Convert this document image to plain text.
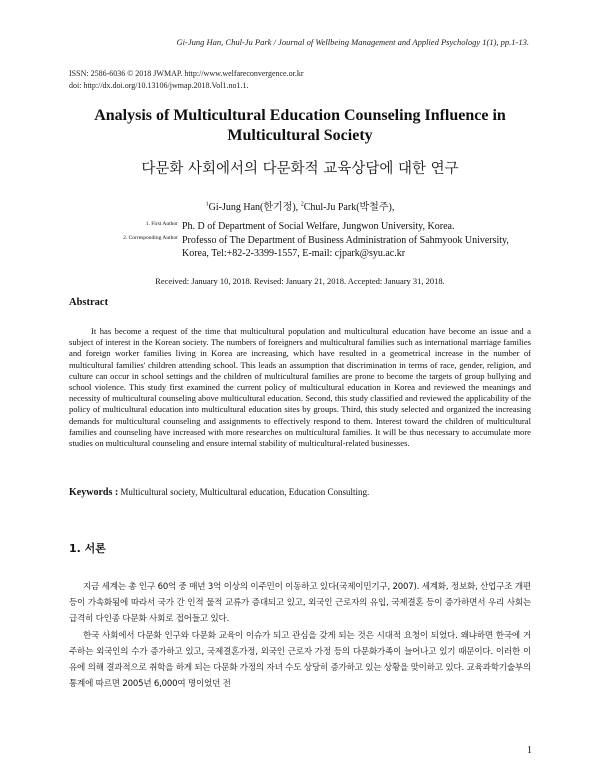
Gi-Jung Han, Chul-Ju Park / Journal of Wellbeing Management and Applied Psychology 1(1), pp.1-13.
ISSN: 2586-6036 © 2018 JWMAP. http://www.welfareconvergence.or.kr
doi: http://dx.doi.org/10.13106/jwmap.2018.Vol1.no1.1.
Analysis of Multicultural Education Counseling Influence in
Multicultural Society
다문화 사회에서의 다문화적 교육상담에 대한 연구
$^1$Gi-Jung Han(한기정), $^2$Chul-Ju Park(박철주),
1. First Author Ph. D of Department of Social Welfare, Jungwon University, Korea.
2. Corresponding Author Professo of The Department of Business Administration of Sahmyook University,
Korea, Tel:+82-2-3399-1557, E-mail: cjpark@syu.ac.kr
Received: January 10, 2018. Revised: January 21, 2018. Accepted: January 31, 2018.
Abstract

It has become a request of the time that multicultural population and multicultural education have become an issue and a subject of interest in the Korean society. The numbers of foreigners and multicultural families such as international marriage families and foreign worker families living in Korea are increasing, which have resulted in a geometrical increase in the number of multicultural families' children attending school. This leads an assumption that discrimination in terms of race, gender, religion, and culture can occur in school settings and the children of multicultural families are prone to become the targets of group bullying and school violence. This study first examined the current policy of multicultural education in Korea and reviewed the meanings and necessity of multicultural counseling above multicultural education. Second, this study classified and reviewed the applicability of the policy of multicultural education into multicultural education sites by groups. Third, this study selected and organized the increasing demands for multicultural counseling and assignments to effectively respond to them. Interest toward the children of multicultural families and counseling have increased with more researches on multicultural families. It will be thus necessary to accumulate more studies on multicultural counseling and ensure internal stability of multicultural-related businesses.

Keywords : Multicultural society, Multicultural education, Education Consulting.
1. 서론

지금 세계는 총 인구 60억 중 매년 3억 이상의 이주민이 이동하고 있다(국제이민기구, 2007). 세계화, 정보화, 산업구조 개편 등이 가속화됨에 따라서 국가 간 인적 물적 교류가 증대되고 있고, 외국인 근로자의 유입, 국제결혼 등이 증가하면서 우리 사회는 급격히 다인종 다문화 사회로 접어들고 있다.

한국 사회에서 다문화 인구와 다문화 교육이 이슈가 되고 관심을 갖게 되는 것은 시대적 요청이 되었다. 왜냐하면 한국에 거주하는 외국인의 수가 증가하고 있고, 국제결혼가정, 외국인 근로자 가정 등의 다문화가족이 늘어나고 있기 때문이다. 이러한 이유에 의해 결과적으로 취학을 하게 되는 다문화 가정의 자녀 수도 상당히 증가하고 있는 상황을 맞이하고 있다. 교육과학기술부의 통계에 따르면 2005년 6,000여 명이었던 전

1
